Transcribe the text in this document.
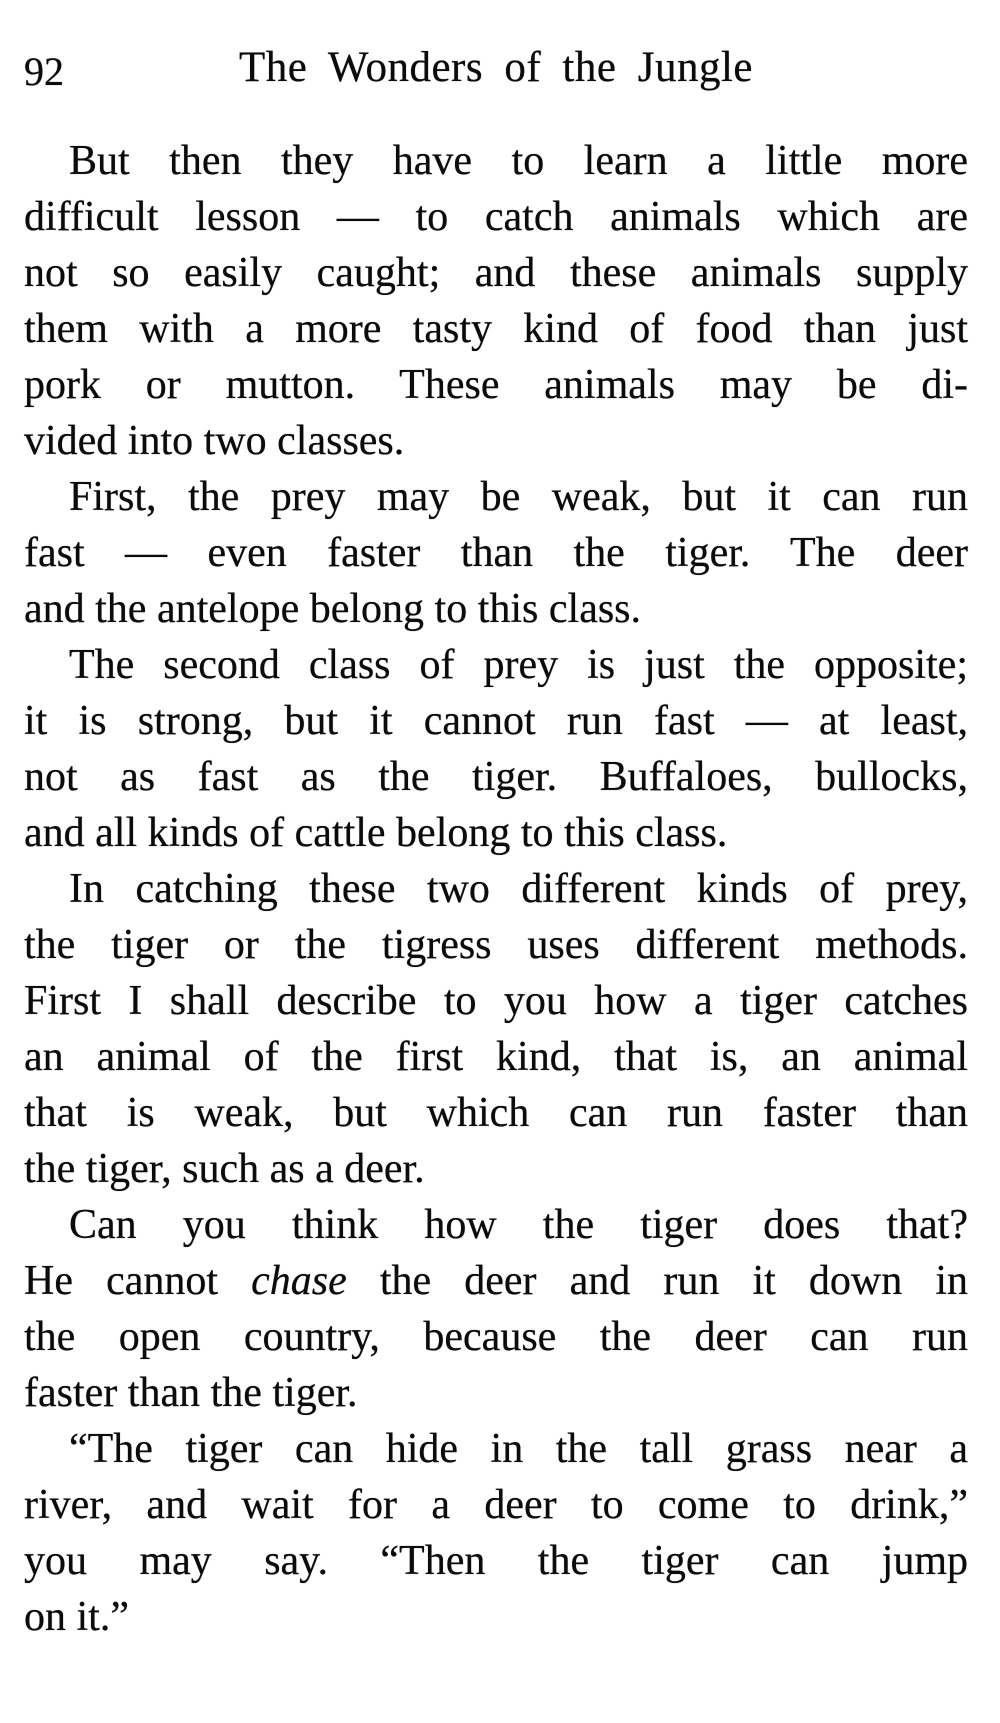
92	The Wonders of the Jungle
But then they have to learn a little more
difficult lesson — to catch animals which are
not so easily caught; and these animals supply
them with a more tasty kind of food than just
pork or mutton. These animals may be di-
vided into two classes.
First, the prey may be weak, but it can run
fast — even faster than the tiger. The deer
and the antelope belong to this class.
The second class of prey is just the opposite;
it is strong, but it cannot run fast — at least,
not as fast as the tiger. Buffaloes, bullocks,
and all kinds of cattle belong to this class.
In catching these two different kinds of prey,
the tiger or the tigress uses different methods.
First I shall describe to you how a tiger catches
an animal of the first kind, that is, an animal
that is weak, but which can run faster than
the tiger, such as a deer.
Can you think how the tiger does that?
He cannot chase the deer and run it down in
the open country, because the deer can run
faster than the tiger.
“The tiger can hide in the tall grass near a
river, and wait for a deer to come to drink,”
you may say. “Then the tiger can jump
on it.”
